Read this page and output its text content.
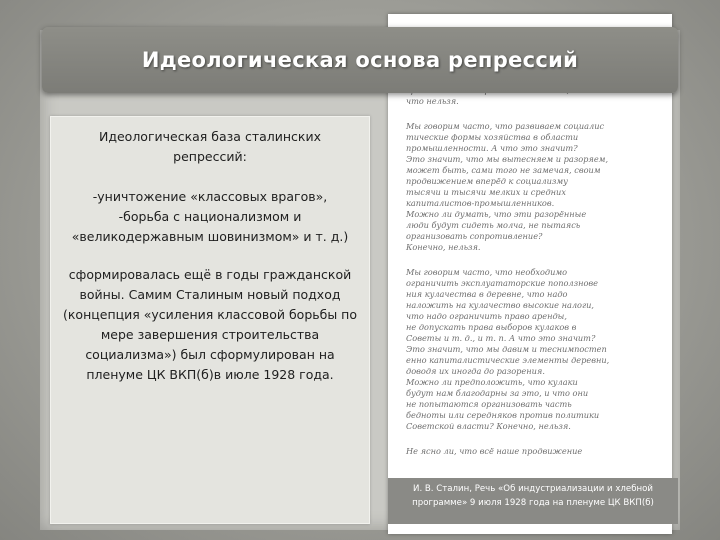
что нельзя.

Мы говорим часто, что развиваем социалис
тические формы хозяйства в области
промышленности. А что это значит?
Это значит, что мы вытесняем и разоряем,
может быть, сами того не замечая, своим
продвижением вперёд к социализму
тысячи и тысячи мелких и средних
капиталистов-промышленников.
Можно ли думать, что эти разорённые
люди будут сидеть молча, не пытаясь
организовать сопротивление?
Конечно, нельзя.

Мы говорим часто, что необходимо
ограничить эксплуататорские поползнове
ния кулачества в деревне, что надо
наложить на кулачество высокие налоги,
что надо ограничить право аренды,
не допускать права выборов кулаков в
Советы и т. д., и т. п. А что это значит?
Это значит, что мы давим и теснимпостеп
енно капиталистические элементы деревни,
доводя их иногда до разорения.
Можно ли предположить, что кулаки
будут нам благодарны за это, и что они
не попытаются организовать часть
бедноты или середняков против политики
Советской власти? Конечно, нельзя.

Не ясно ли, что всё наше продвижение

Идеологическая основа репрессий
Идеологическая база сталинских репрессий:
-уничтожение «классовых врагов»,
-борьба с национализмом и
«великодержавным шовинизмом» и т. д.)
сформировалась ещё в годы гражданской войны. Самим Сталиным новый подход (концепция «усиления классовой борьбы по мере завершения строительства социализма») был сформулирован на пленуме ЦК ВКП(б)в июле 1928 года.
И. В. Сталин, Речь «Об индустриализации и хлебной программе» 9 июля 1928 года на пленуме ЦК ВКП(б)
